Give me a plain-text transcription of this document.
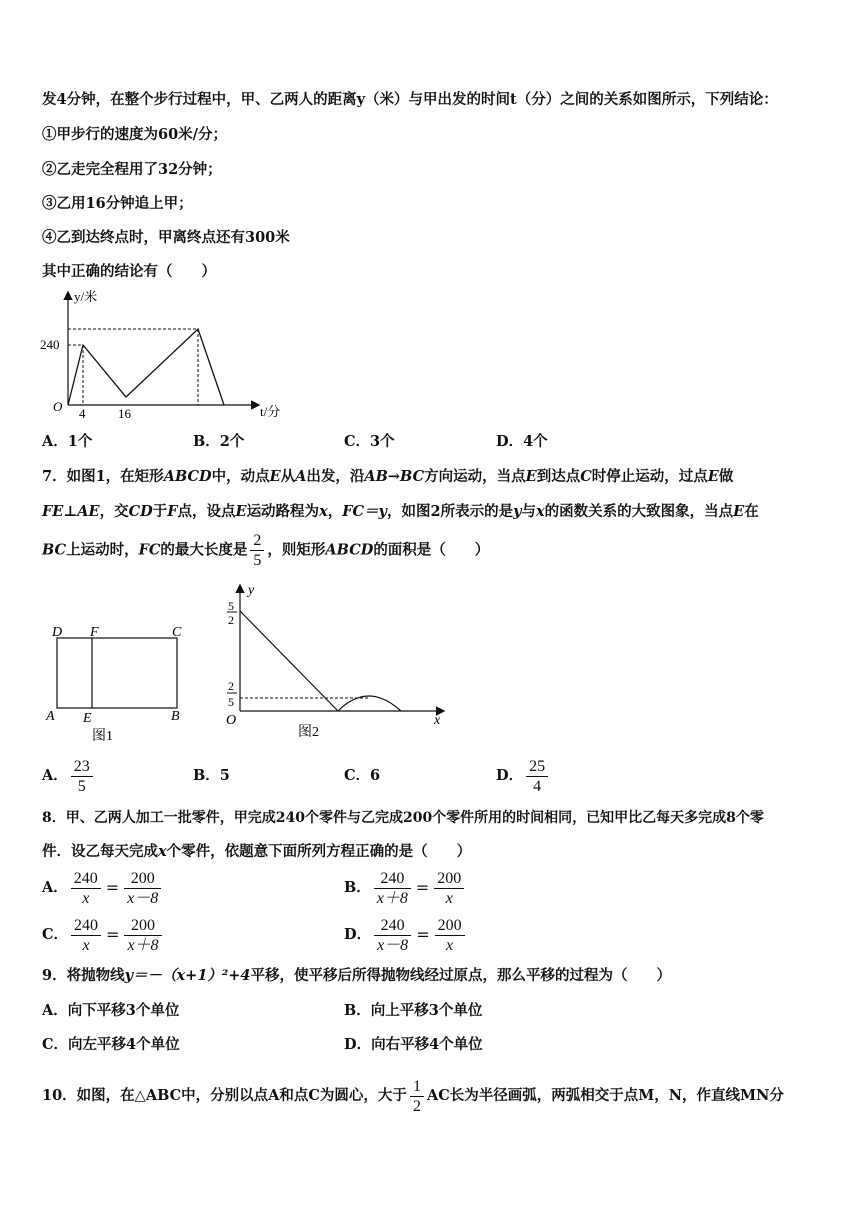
发4分钟，在整个步行过程中，甲、乙两人的距离y（米）与甲出发的时间t（分）之间的关系如图所示，下列结论：
①甲步行的速度为60米/分；
②乙走完全程用了32分钟；
③乙用16分钟追上甲；
④乙到达终点时，甲离终点还有300米
其中正确的结论有（　　）
y/米
t/分
O
240
4	16
A．1个	B．2个	C．3个	D．4个
7．如图1，在矩形ABCD中，动点E从A出发，沿AB→BC方向运动，当点E到达点C时停止运动，过点E做
FE⊥AE，交CD于F点，设点E运动路程为x，FC＝y，如图2所表示的是y与x的函数关系的大致图象，当点E在
BC上运动时，FC的最大长度是 $\frac{2}{5}$ ，则矩形ABCD的面积是（　　）
D F	C
A E	B
图1
y
x
O
5
2
2
5
图2
A． $\frac{23}{5}$	B．5	C．6	D． $\frac{25}{4}$
8．甲、乙两人加工一批零件，甲完成240个零件与乙完成200个零件所用的时间相同，已知甲比乙每天多完成8个零
件．设乙每天完成x个零件，依题意下面所列方程正确的是（　　）
A． $\frac{240}{x} = \frac{200}{x-8}$	B． $\frac{240}{x+8} = \frac{200}{x}$
C． $\frac{240}{x} = \frac{200}{x+8}$	D． $\frac{240}{x-8} = \frac{200}{x}$
9．将抛物线y＝－（x+1）²+4平移，使平移后所得抛物线经过原点，那么平移的过程为（　　）
A．向下平移3个单位	B．向上平移3个单位
C．向左平移4个单位	D．向右平移4个单位
10．如图，在△ABC中，分别以点A和点C为圆心，大于 $\frac{1}{2}$ AC长为半径画弧，两弧相交于点M，N，作直线MN分
